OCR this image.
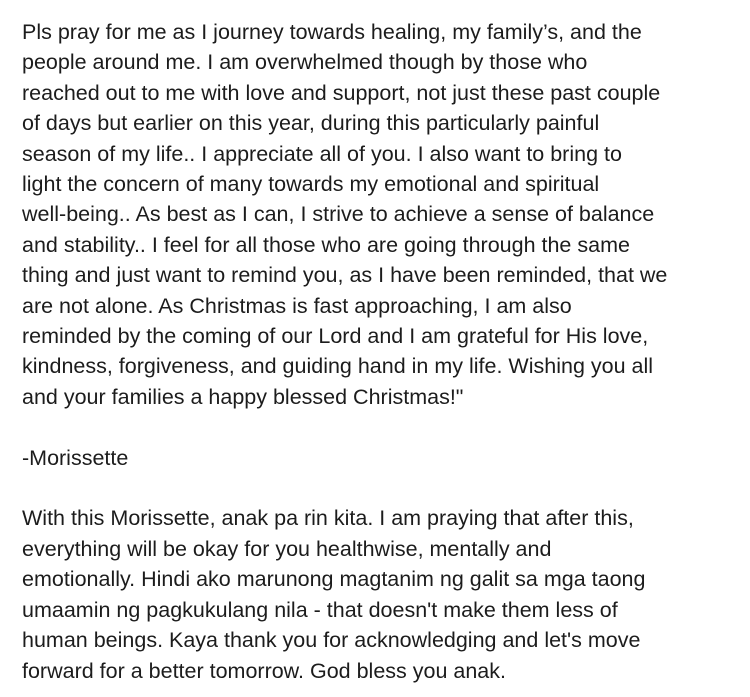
Pls pray for me as I journey towards healing, my family’s, and the
people around me. I am overwhelmed though by those who
reached out to me with love and support, not just these past couple
of days but earlier on this year, during this particularly painful
season of my life.. I appreciate all of you. I also want to bring to
light the concern of many towards my emotional and spiritual
well-being.. As best as I can, I strive to achieve a sense of balance
and stability.. I feel for all those who are going through the same
thing and just want to remind you, as I have been reminded, that we
are not alone. As Christmas is fast approaching, I am also
reminded by the coming of our Lord and I am grateful for His love,
kindness, forgiveness, and guiding hand in my life. Wishing you all
and your families a happy blessed Christmas!"
-Morissette
With this Morissette, anak pa rin kita. I am praying that after this,
everything will be okay for you healthwise, mentally and
emotionally. Hindi ako marunong magtanim ng galit sa mga taong
umaamin ng pagkukulang nila - that doesn't make them less of
human beings. Kaya thank you for acknowledging and let's move
forward for a better tomorrow. God bless you anak.
